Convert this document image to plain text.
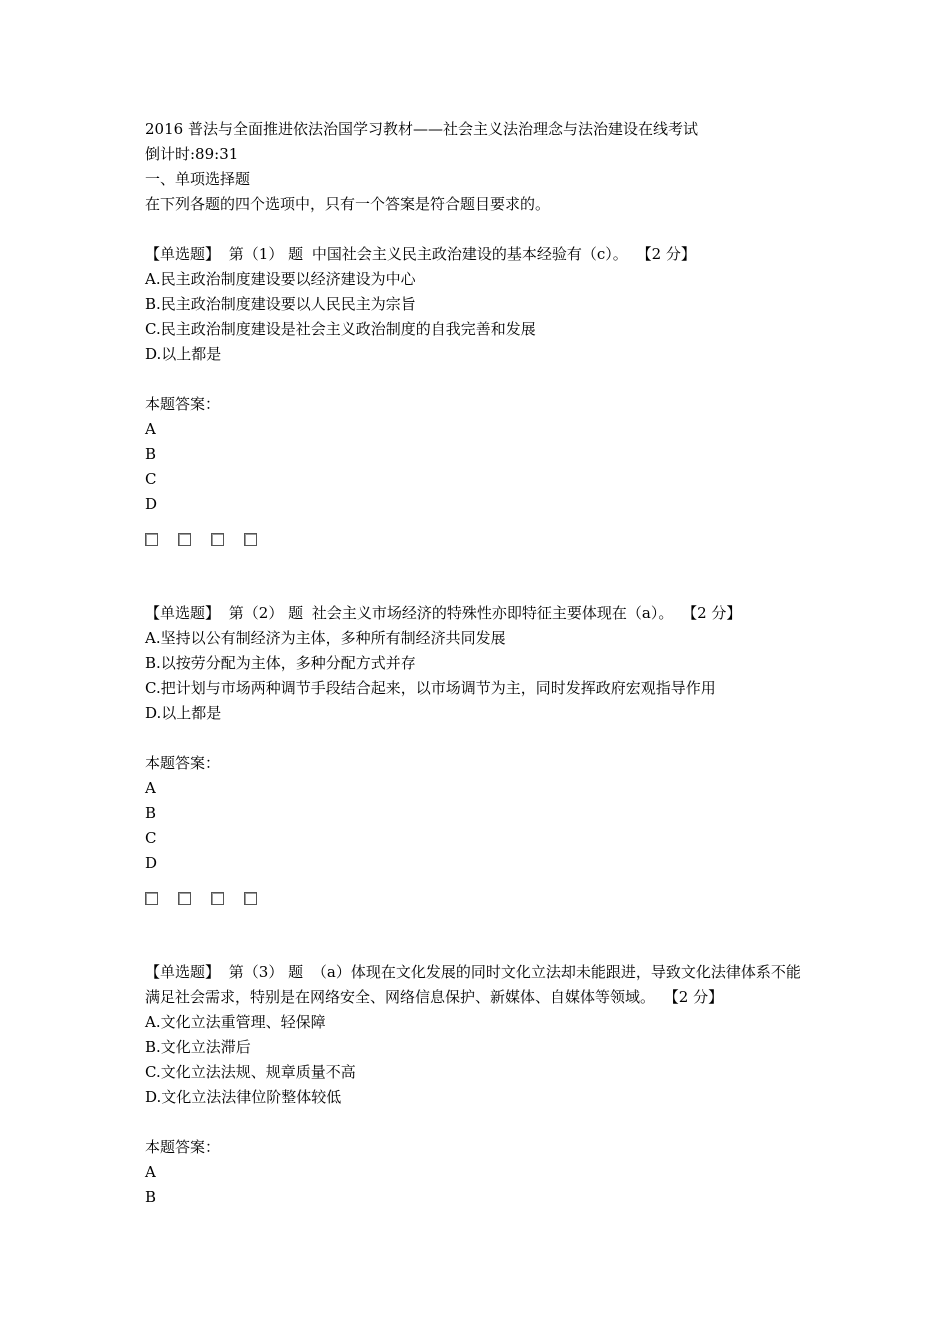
2016 普法与全面推进依法治国学习教材——社会主义法治理念与法治建设在线考试
倒计时:89:31
一、单项选择题
在下列各题的四个选项中，只有一个答案是符合题目要求的。
【单选题】 第（1） 题 中国社会主义民主政治建设的基本经验有（c）。 【2 分】
A.民主政治制度建设要以经济建设为中心
B.民主政治制度建设要以人民民主为宗旨
C.民主政治制度建设是社会主义政治制度的自我完善和发展
D.以上都是
本题答案：
A
B
C
D
【单选题】 第（2） 题 社会主义市场经济的特殊性亦即特征主要体现在（a）。 【2 分】
A.坚持以公有制经济为主体，多种所有制经济共同发展
B.以按劳分配为主体，多种分配方式并存
C.把计划与市场两种调节手段结合起来，以市场调节为主，同时发挥政府宏观指导作用
D.以上都是
本题答案：
A
B
C
D
【单选题】 第（3） 题 （a）体现在文化发展的同时文化立法却未能跟进，导致文化法律体系不能满足社会需求，特别是在网络安全、网络信息保护、新媒体、自媒体等领域。 【2 分】
A.文化立法重管理、轻保障
B.文化立法滞后
C.文化立法法规、规章质量不高
D.文化立法法律位阶整体较低
本题答案：
A
B
